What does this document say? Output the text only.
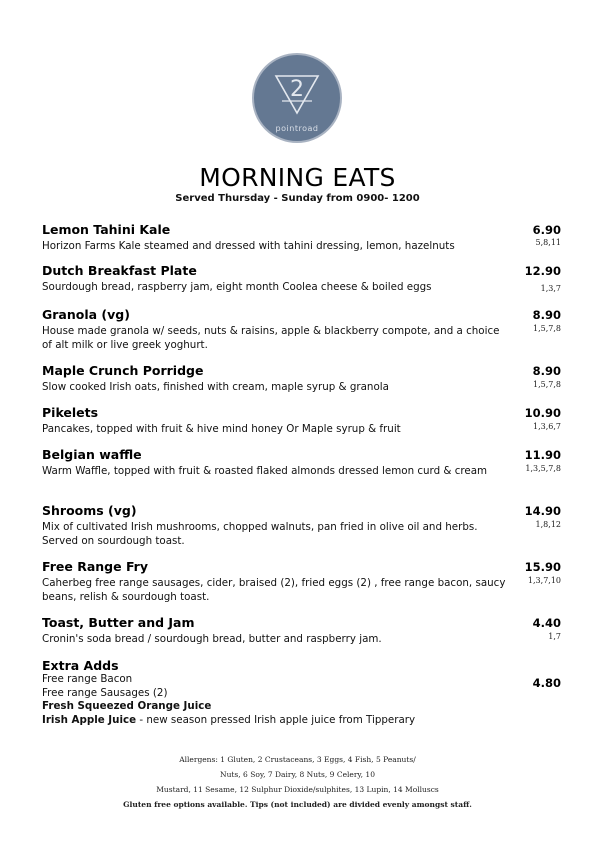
2
pointroad
MORNING EATS
Served Thursday - Sunday from 0900- 1200
Lemon Tahini Kale
Horizon Farms Kale steamed and dressed with tahini dressing, lemon, hazelnuts
6.90
5,8,11
Dutch Breakfast Plate
Sourdough bread, raspberry jam, eight month Coolea cheese & boiled eggs
12.90
1,3,7
Granola (vg)
House made granola w/ seeds, nuts & raisins, apple & blackberry compote, and a choice of alt milk or live greek yoghurt.
8.90
1,5,7,8
Maple Crunch Porridge
Slow cooked Irish oats, finished with cream, maple syrup & granola
8.90
1,5,7,8
Pikelets
Pancakes, topped with fruit & hive mind honey Or Maple syrup & fruit
10.90
1,3,6,7
Belgian waffle
Warm Waffle, topped with fruit & roasted flaked almonds dressed lemon curd & cream
11.90
1,3,5,7,8
Shrooms (vg)
Mix of cultivated Irish mushrooms, chopped walnuts, pan fried in olive oil and herbs. Served on sourdough toast.
14.90
1,8,12
Free Range Fry
Caherbeg free range sausages, cider, braised (2), fried eggs (2) , free range bacon, saucy beans, relish & sourdough toast.
15.90
1,3,7,10
Toast, Butter and Jam
Cronin's soda bread / sourdough bread, butter and raspberry jam.
4.40
1,7
Extra Adds
Free range Bacon
Free range Sausages (2)
Fresh Squeezed Orange Juice
Irish Apple Juice - new season pressed Irish apple juice from Tipperary
4.80
Allergens: 1 Gluten, 2 Crustaceans, 3 Eggs, 4 Fish, 5 Peanuts/
Nuts, 6 Soy, 7 Dairy, 8 Nuts, 9 Celery, 10
Mustard, 11 Sesame, 12 Sulphur Dioxide/sulphites, 13 Lupin, 14 Molluscs
Gluten free options available. Tips (not included) are divided evenly amongst staff.
